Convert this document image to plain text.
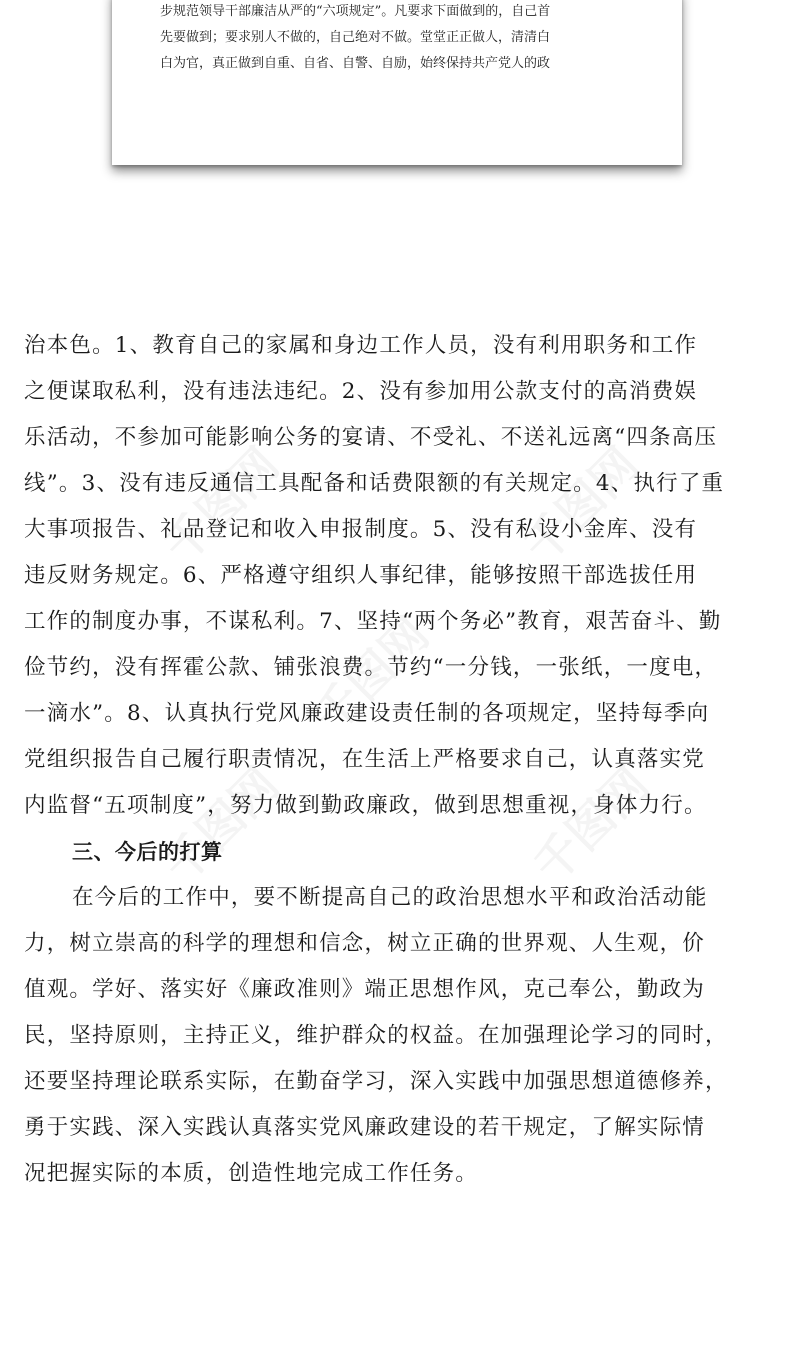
步规范领导干部廉洁从严的“六项规定”。凡要求下面做到的，自己首
先要做到；要求别人不做的，自己绝对不做。堂堂正正做人，清清白
白为官，真正做到自重、自省、自警、自励，始终保持共产党人的政
治本色。1、教育自己的家属和身边工作人员，没有利用职务和工作
之便谋取私利，没有违法违纪。2、没有参加用公款支付的高消费娱
乐活动，不参加可能影响公务的宴请、不受礼、不送礼远离“四条高压
线”。3、没有违反通信工具配备和话费限额的有关规定。4、执行了重
大事项报告、礼品登记和收入申报制度。5、没有私设小金库、没有
违反财务规定。6、严格遵守组织人事纪律，能够按照干部选拔任用
工作的制度办事，不谋私利。7、坚持“两个务必”教育，艰苦奋斗、勤
俭节约，没有挥霍公款、铺张浪费。节约“一分钱，一张纸，一度电，
一滴水”。8、认真执行党风廉政建设责任制的各项规定，坚持每季向
党组织报告自己履行职责情况，在生活上严格要求自己，认真落实党
内监督“五项制度”，努力做到勤政廉政，做到思想重视，身体力行。
三、今后的打算
在今后的工作中，要不断提高自己的政治思想水平和政治活动能
力，树立崇高的科学的理想和信念，树立正确的世界观、人生观，价
值观。学好、落实好《廉政准则》端正思想作风，克己奉公，勤政为
民，坚持原则，主持正义，维护群众的权益。在加强理论学习的同时，
还要坚持理论联系实际，在勤奋学习，深入实践中加强思想道德修养，
勇于实践、深入实践认真落实党风廉政建设的若干规定，了解实际情
况把握实际的本质，创造性地完成工作任务。
